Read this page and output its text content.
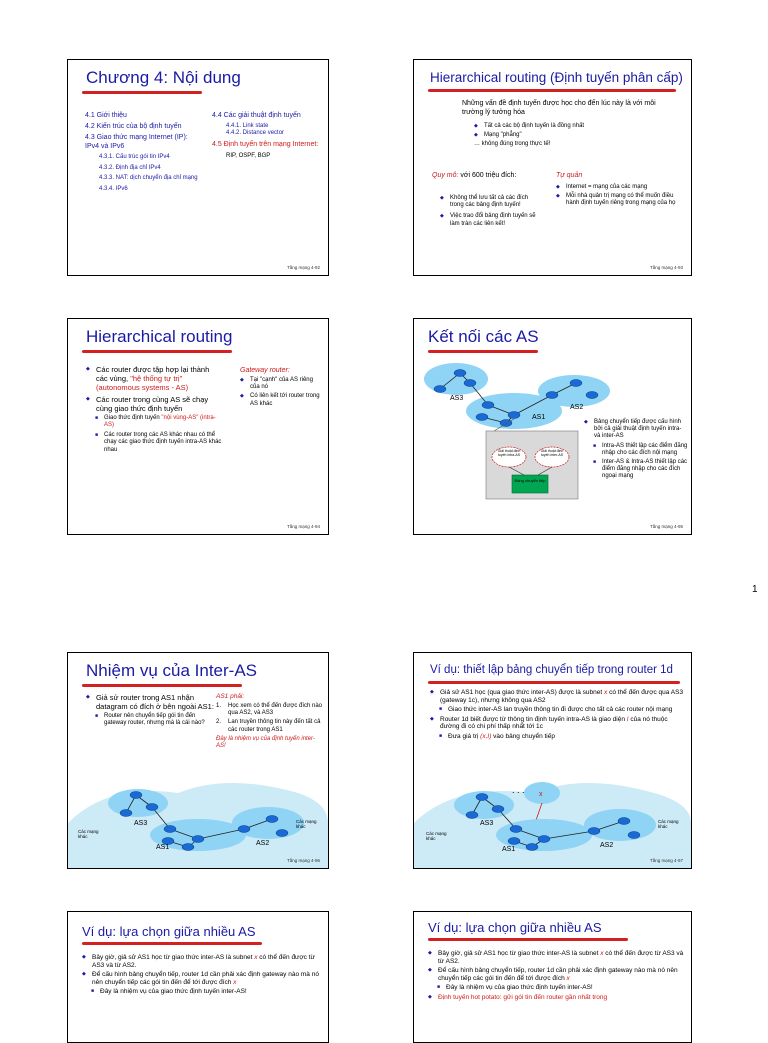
Chương 4: Nội dung
4.1 Giới thiệu
4.2 Kiến trúc của bộ định tuyến
4.3 Giao thức mạng Internet (IP): IPv4 và IPv6
4.3.1. Cấu trúc gói tin IPv4
4.3.2. Định địa chỉ IPv4
4.3.3. NAT: dịch chuyển địa chỉ mạng
4.3.4. IPv6
4.4 Các giải thuật định tuyến
4.4.1. Link state
4.4.2. Distance vector
4.5 Định tuyến trên mạng Internet:
RIP, OSPF, BGP
Tầng mạng 4-92
Hierarchical routing (Định tuyến phân cấp)
Những vấn đề định tuyến được học cho đến lúc này là với môi trường lý tưởng hóa
◆ Tất cả các bộ định tuyến là đồng nhất
◆ Mạng "phẳng"
… không đúng trong thực tế!
Quy mô: với 600 triệu đích:
◆ Không thể lưu tất cả các đích trong các bảng định tuyến!
◆ Việc trao đổi bảng định tuyến sẽ làm tràn các liên kết!
Tự quản
◆ Internet = mạng của các mạng
◆ Mỗi nhà quản trị mạng có thể muốn điều hành định tuyến riêng trong mạng của họ
Tầng mạng 4-93
Hierarchical routing
◆ Các router được tập hợp lại thành các vùng, "hệ thống tự trị" (autonomous systems - AS)
◆ Các router trong cùng AS sẽ chạy cùng giao thức định tuyến
■ Giao thức định tuyến "nội vùng-AS" (intra-AS)
■ Các router trong các AS khác nhau có thể chạy các giao thức định tuyến intra-AS khác nhau
Gateway router:
◆ Tại "cạnh" của AS riêng của nó
◆ Có liên kết tới router trong AS khác
Tầng mạng 4-94
Kết nối các AS
AS3
AS1
AS2
Giải thuật định tuyến intra-AS
Giải thuật định tuyến inter-AS
Bảng chuyển tiếp
◆ Bảng chuyển tiếp được cấu hình bởi cả giải thuật định tuyến intra- và inter-AS
■ Intra-AS thiết lập các điểm đăng nhập cho các đích nội mạng
■ Inter-AS & Intra-AS thiết lập các điểm đăng nhập cho các đích ngoại mạng
Tầng mạng 4-95
1
Nhiệm vụ của Inter-AS
◆ Giả sử router trong AS1 nhận datagram có đích ở bên ngoài AS1:
■ Router nên chuyển tiếp gói tin đến gateway router, nhưng mà là cái nào?
AS1 phải:
1. Học xem có thể đến được đích nào qua AS2, và AS3
2. Lan truyền thông tin này đến tất cả các router trong AS1
Đây là nhiệm vụ của định tuyến inter-AS!
AS3
AS1
AS2
Các mạng khác
Các mạng khác
Tầng mạng 4-96
Ví dụ: thiết lập bảng chuyển tiếp trong router 1d
◆ Giả sử AS1 học (qua giao thức inter-AS) được là subnet x có thể đến được qua AS3 (gateway 1c), nhưng không qua AS2
■ Giao thức inter-AS lan truyền thông tin đi được cho tất cả các router nội mạng
◆ Router 1d biết được từ thông tin định tuyến intra-AS là giao diện I của nó thuộc đường đi có chi phí thấp nhất tới 1c
■ Đưa giá trị (x,I) vào bảng chuyển tiếp
x
. . .
AS3
AS1
AS2
Các mạng khác
Các mạng khác
Tầng mạng 4-97
Ví dụ: lựa chọn giữa nhiều AS
◆ Bây giờ, giả sử AS1 học từ giao thức inter-AS là subnet x có thể đến được từ AS3 và từ AS2.
◆ Để cấu hình bảng chuyển tiếp, router 1d cần phải xác định gateway nào mà nó nên chuyển tiếp các gói tin đến để tới được đích x
■ Đây là nhiệm vụ của giao thức định tuyến inter-AS!
Ví dụ: lựa chọn giữa nhiều AS
◆ Bây giờ, giả sử AS1 học từ giao thức inter-AS là subnet x có thể đến được từ AS3 và từ AS2.
◆ Để cấu hình bảng chuyển tiếp, router 1d cần phải xác định gateway nào mà nó nên chuyển tiếp các gói tin đến để tới được đích x
■ Đây là nhiệm vụ của giao thức định tuyến inter-AS!
◆ Định tuyến hot potato: gửi gói tin đến router gần nhất trong
